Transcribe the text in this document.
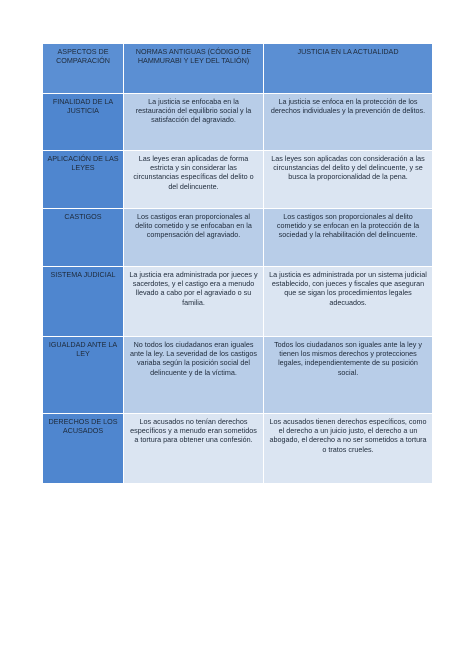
ASPECTOS DE COMPARACIÓN	NORMAS ANTIGUAS (CÓDIGO DE HAMMURABI Y LEY DEL TALIÓN)	JUSTICIA EN LA ACTUALIDAD
FINALIDAD DE LA JUSTICIA	La justicia se enfocaba en la restauración del equilibrio social y la satisfacción del agraviado.	La justicia se enfoca en la protección de los derechos individuales y la prevención de delitos.
APLICACIÓN DE LAS LEYES	Las leyes eran aplicadas de forma estricta y sin considerar las circunstancias específicas del delito o del delincuente.	Las leyes son aplicadas con consideración a las circunstancias del delito y del delincuente, y se busca la proporcionalidad de la pena.
CASTIGOS	Los castigos eran proporcionales al delito cometido y se enfocaban en la compensación del agraviado.	Los castigos son proporcionales al delito cometido y se enfocan en la protección de la sociedad y la rehabilitación del delincuente.
SISTEMA JUDICIAL	La justicia era administrada por jueces y sacerdotes, y el castigo era a menudo llevado a cabo por el agraviado o su familia.	La justicia es administrada por un sistema judicial establecido, con jueces y fiscales que aseguran que se sigan los procedimientos legales adecuados.
IGUALDAD ANTE LA LEY	No todos los ciudadanos eran iguales ante la ley. La severidad de los castigos variaba según la posición social del delincuente y de la víctima.	Todos los ciudadanos son iguales ante la ley y tienen los mismos derechos y protecciones legales, independientemente de su posición social.
DERECHOS DE LOS ACUSADOS	Los acusados no tenían derechos específicos y a menudo eran sometidos a tortura para obtener una confesión.	Los acusados tienen derechos específicos, como el derecho a un juicio justo, el derecho a un abogado, el derecho a no ser sometidos a tortura o tratos crueles.
